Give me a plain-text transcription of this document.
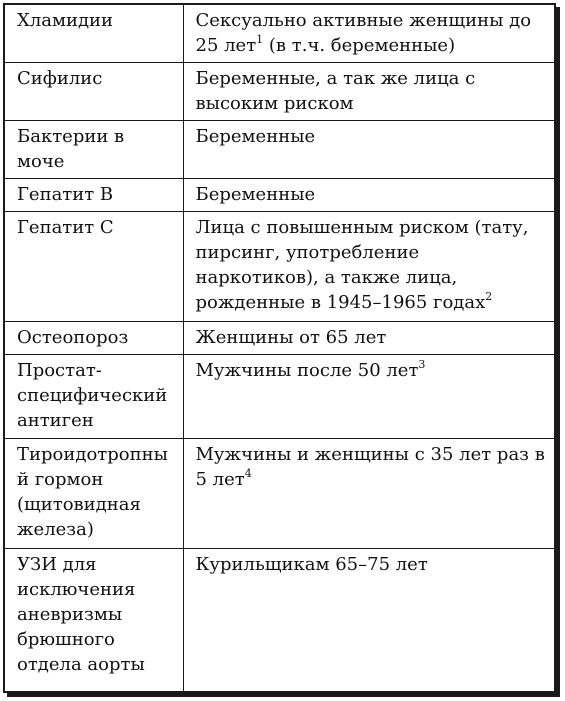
Хламидии	Сексуально активные женщины до 25 лет$^1$ (в т.ч. беременные)
Сифилис	Беременные, а так же лица с высоким риском
Бактерии в моче	Беременные
Гепатит В	Беременные
Гепатит С	Лица с повышенным риском (тату, пирсинг, употребление наркотиков), а также лица, рожденные в 1945–1965 годах$^2$
Остеопороз	Женщины от 65 лет
Простат-специфический антиген	Мужчины после 50 лет$^3$
Тироидотропный гормон (щитовидная железа)	Мужчины и женщины с 35 лет раз в 5 лет$^4$
УЗИ для исключения аневризмы брюшного отдела аорты	Курильщикам 65–75 лет
